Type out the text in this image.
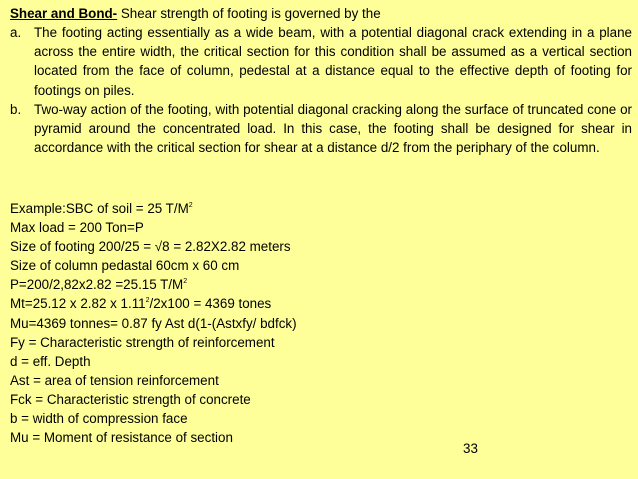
Shear and Bond- Shear strength of footing is governed by the
a. The footing acting essentially as a wide beam, with a potential diagonal crack extending in a plane across the entire width, the critical section for this condition shall be assumed as a vertical section located from the face of column, pedestal at a distance equal to the effective depth of footing for footings on piles.
b. Two-way action of the footing, with potential diagonal cracking along the surface of truncated cone or pyramid around the concentrated load. In this case, the footing shall be designed for shear in accordance with the critical section for shear at a distance d/2 from the periphary of the column.
Example:SBC of soil = 25 $T/M^2$
Max load = 200 Ton=P
Size of footing 200/25 = √8 = 2.82X2.82 meters
Size of column pedastal 60cm x 60 cm
P=200/2,82x2.82 =25.15 $T/M^2$
Mt=25.12 x 2.82 x $1.11^2/2x100 = 4369$ tones
Mu=4369 tonnes= 0.87 fy Ast d(1-(Astxfy/ bdfck)
Fy = Characteristic strength of reinforcement
d = eff. Depth
Ast = area of tension reinforcement
Fck = Characteristic strength of concrete
b = width of compression face
Mu = Moment of resistance of section
33
